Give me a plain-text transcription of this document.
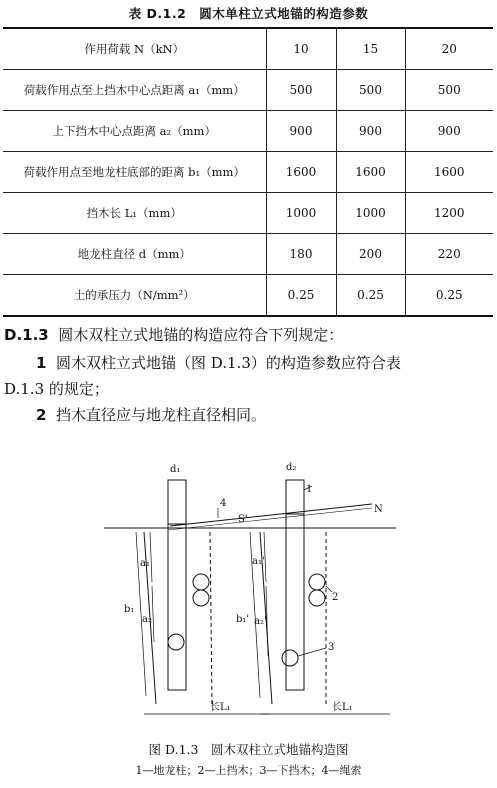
表 D.1.2　圆木单柱立式地锚的构造参数
作用荷载 N（kN）	10	15	20
荷载作用点至上挡木中心点距离 a₁（mm）	500	500	500
上下挡木中心点距离 a₂（mm）	900	900	900
荷载作用点至地龙柱底部的距离 b₁（mm）	1600	1600	1600
挡木长 L₁（mm）	1000	1000	1200
地龙柱直径 d（mm）	180	200	220
土的承压力（N/mm²）	0.25	0.25	0.25
D.1.3 圆木双柱立式地锚的构造应符合下列规定：
1 圆木双柱立式地锚（图 D.1.3）的构造参数应符合表
D.1.3 的规定；
2 挡木直径应与地龙柱直径相同。
d₁	d₂
N
1
2
3
4
S'
b₁
a₁
a₂	b₁'
a₁'
a₂'
长L₁	长L₁
图 D.1.3　圆木双柱立式地锚构造图
1—地龙柱；2—上挡木；3—下挡木；4—绳索
